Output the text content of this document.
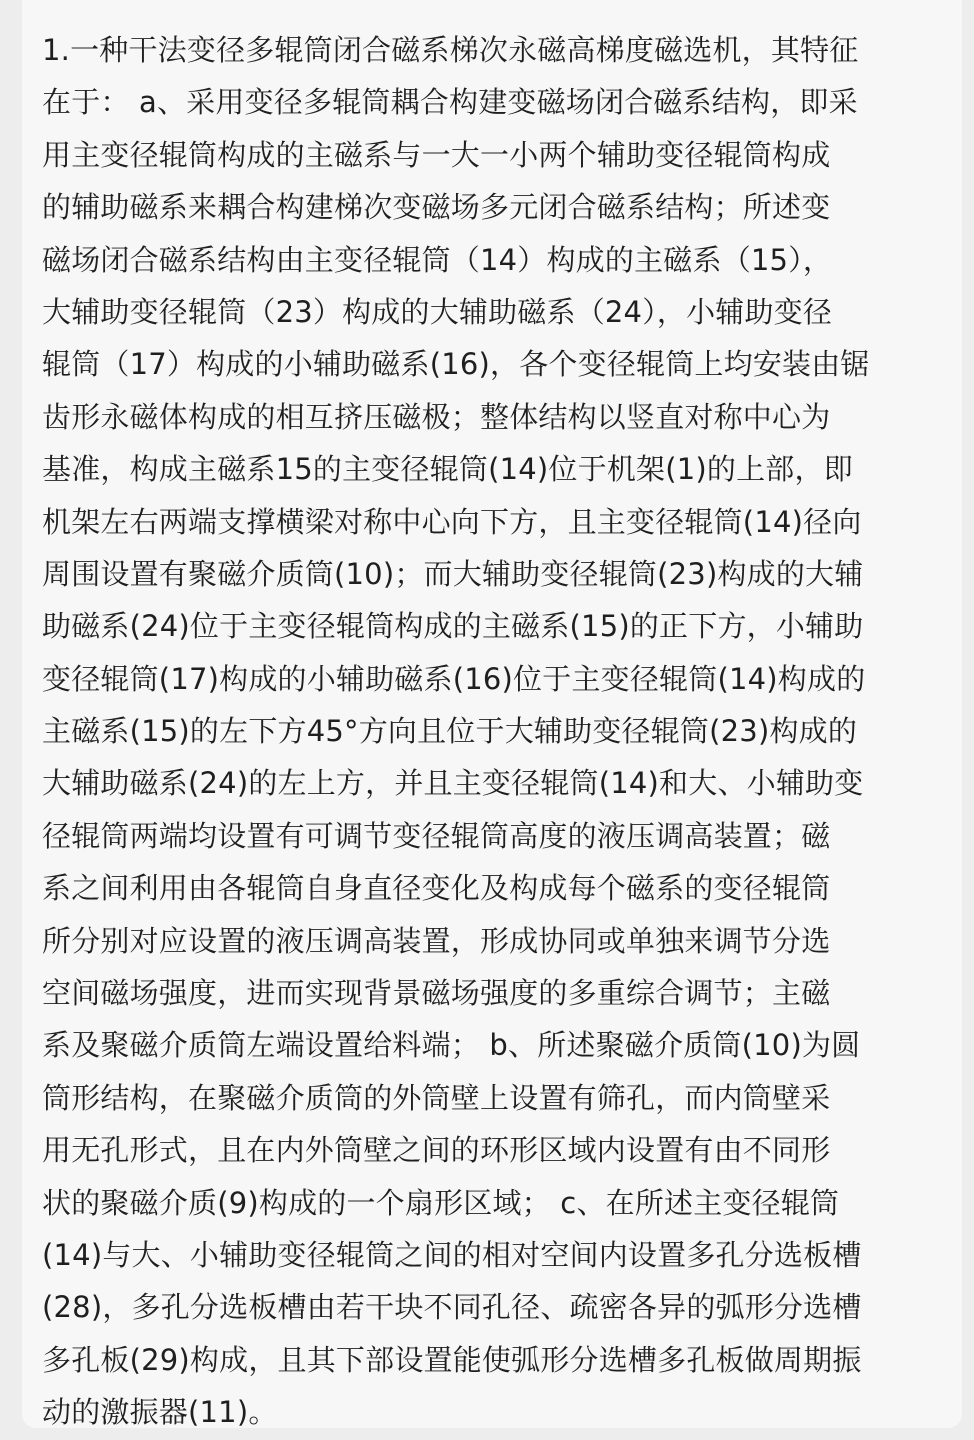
1.一种干法变径多辊筒闭合磁系梯次永磁高梯度磁选机，其特征
在于： a、采用变径多辊筒耦合构建变磁场闭合磁系结构，即采
用主变径辊筒构成的主磁系与一大一小两个辅助变径辊筒构成
的辅助磁系来耦合构建梯次变磁场多元闭合磁系结构；所述变
磁场闭合磁系结构由主变径辊筒（14）构成的主磁系（15），
大辅助变径辊筒（23）构成的大辅助磁系（24），小辅助变径
辊筒（17）构成的小辅助磁系(16)，各个变径辊筒上均安装由锯
齿形永磁体构成的相互挤压磁极；整体结构以竖直对称中心为
基准，构成主磁系15的主变径辊筒(14)位于机架(1)的上部，即
机架左右两端支撑横梁对称中心向下方，且主变径辊筒(14)径向
周围设置有聚磁介质筒(10)；而大辅助变径辊筒(23)构成的大辅
助磁系(24)位于主变径辊筒构成的主磁系(15)的正下方，小辅助
变径辊筒(17)构成的小辅助磁系(16)位于主变径辊筒(14)构成的
主磁系(15)的左下方45°方向且位于大辅助变径辊筒(23)构成的
大辅助磁系(24)的左上方，并且主变径辊筒(14)和大、小辅助变
径辊筒两端均设置有可调节变径辊筒高度的液压调高装置；磁
系之间利用由各辊筒自身直径变化及构成每个磁系的变径辊筒
所分别对应设置的液压调高装置，形成协同或单独来调节分选
空间磁场强度，进而实现背景磁场强度的多重综合调节；主磁
系及聚磁介质筒左端设置给料端； b、所述聚磁介质筒(10)为圆
筒形结构，在聚磁介质筒的外筒壁上设置有筛孔，而内筒壁采
用无孔形式，且在内外筒壁之间的环形区域内设置有由不同形
状的聚磁介质(9)构成的一个扇形区域； c、在所述主变径辊筒
(14)与大、小辅助变径辊筒之间的相对空间内设置多孔分选板槽
(28)，多孔分选板槽由若干块不同孔径、疏密各异的弧形分选槽
多孔板(29)构成，且其下部设置能使弧形分选槽多孔板做周期振
动的激振器(11)。
